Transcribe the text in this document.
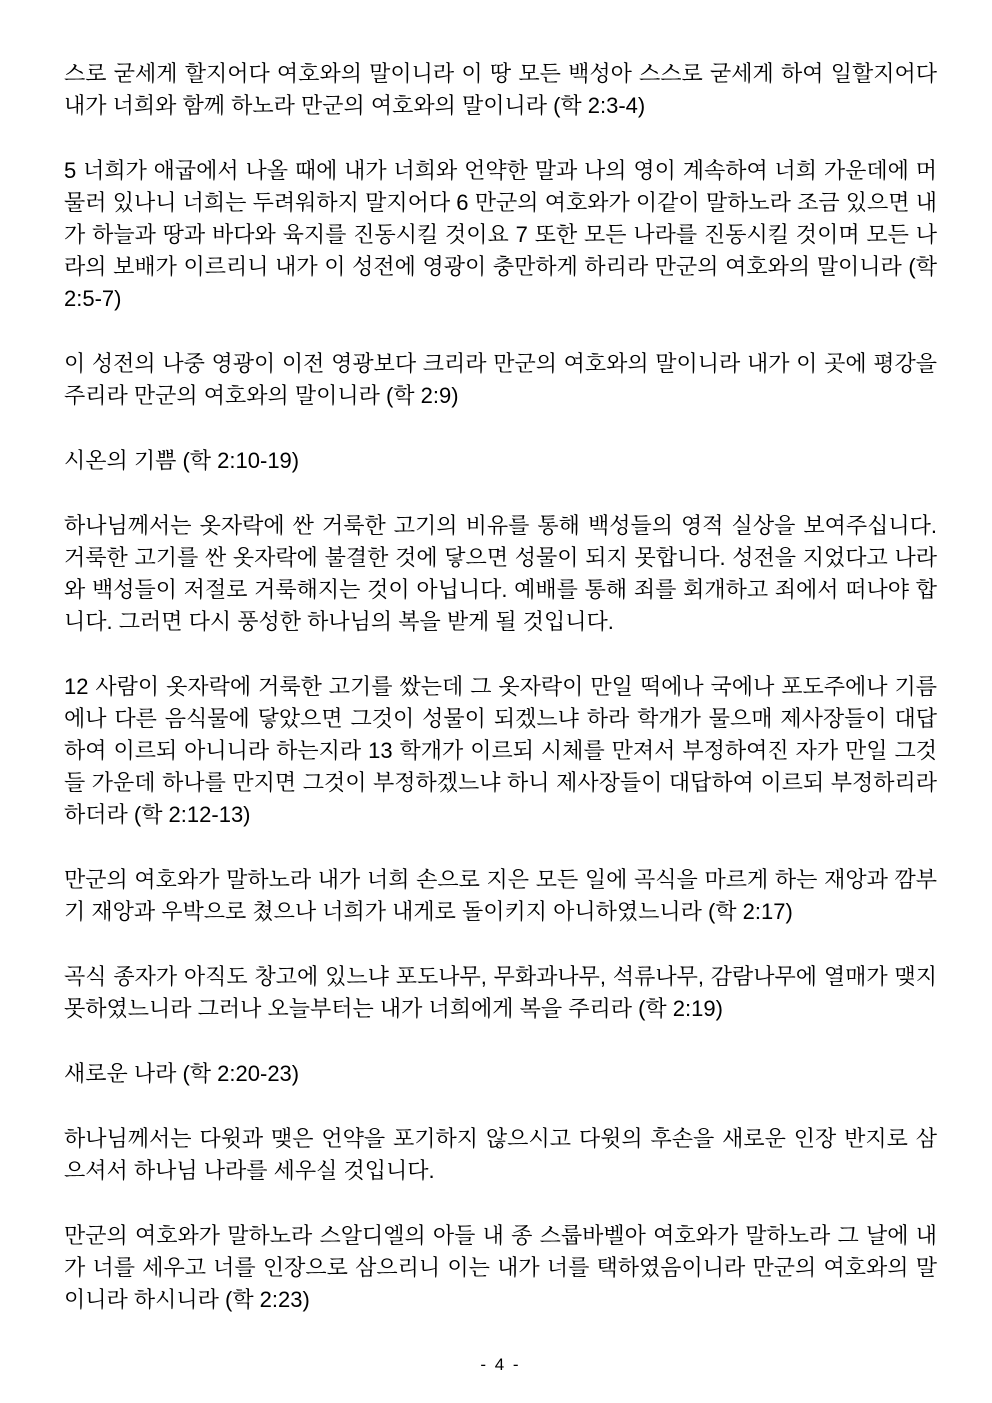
스로 굳세게 할지어다 여호와의 말이니라 이 땅 모든 백성아 스스로 굳세게 하여 일할지어다 내가 너희와 함께 하노라 만군의 여호와의 말이니라 (학 2:3-4)
5 너희가 애굽에서 나올 때에 내가 너희와 언약한 말과 나의 영이 계속하여 너희 가운데에 머물러 있나니 너희는 두려워하지 말지어다 6 만군의 여호와가 이같이 말하노라 조금 있으면 내가 하늘과 땅과 바다와 육지를 진동시킬 것이요 7 또한 모든 나라를 진동시킬 것이며 모든 나라의 보배가 이르리니 내가 이 성전에 영광이 충만하게 하리라 만군의 여호와의 말이니라 (학 2:5-7)
이 성전의 나중 영광이 이전 영광보다 크리라 만군의 여호와의 말이니라 내가 이 곳에 평강을 주리라 만군의 여호와의 말이니라 (학 2:9)
시온의 기쁨 (학 2:10-19)
하나님께서는 옷자락에 싼 거룩한 고기의 비유를 통해 백성들의 영적 실상을 보여주십니다. 거룩한 고기를 싼 옷자락에 불결한 것에 닿으면 성물이 되지 못합니다. 성전을 지었다고 나라와 백성들이 저절로 거룩해지는 것이 아닙니다. 예배를 통해 죄를 회개하고 죄에서 떠나야 합니다. 그러면 다시 풍성한 하나님의 복을 받게 될 것입니다.
12 사람이 옷자락에 거룩한 고기를 쌌는데 그 옷자락이 만일 떡에나 국에나 포도주에나 기름에나 다른 음식물에 닿았으면 그것이 성물이 되겠느냐 하라 학개가 물으매 제사장들이 대답하여 이르되 아니니라 하는지라 13 학개가 이르되 시체를 만져서 부정하여진 자가 만일 그것들 가운데 하나를 만지면 그것이 부정하겠느냐 하니 제사장들이 대답하여 이르되 부정하리라 하더라 (학 2:12-13)
만군의 여호와가 말하노라 내가 너희 손으로 지은 모든 일에 곡식을 마르게 하는 재앙과 깜부기 재앙과 우박으로 쳤으나 너희가 내게로 돌이키지 아니하였느니라 (학 2:17)
곡식 종자가 아직도 창고에 있느냐 포도나무, 무화과나무, 석류나무, 감람나무에 열매가 맺지 못하였느니라 그러나 오늘부터는 내가 너희에게 복을 주리라 (학 2:19)
새로운 나라 (학 2:20-23)
하나님께서는 다윗과 맺은 언약을 포기하지 않으시고 다윗의 후손을 새로운 인장 반지로 삼으셔서 하나님 나라를 세우실 것입니다.
만군의 여호와가 말하노라 스알디엘의 아들 내 종 스룹바벨아 여호와가 말하노라 그 날에 내가 너를 세우고 너를 인장으로 삼으리니 이는 내가 너를 택하였음이니라 만군의 여호와의 말이니라 하시니라 (학 2:23)
- 4 -
